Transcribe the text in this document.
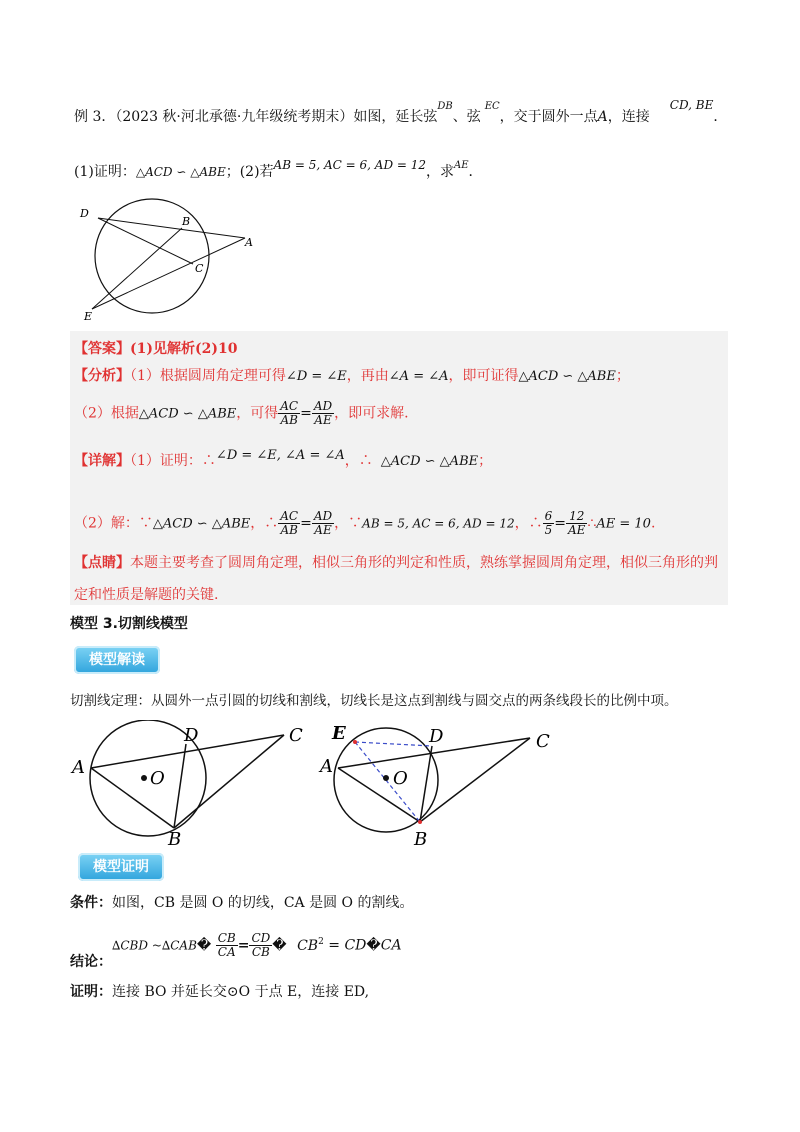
例 3．（2023 秋·河北承德·九年级统考期末）如图，延长弦$^{DB}$、弦$^{EC}$，交于圆外一点A，连接CD, BE．
(1)证明：△ACD ∽ △ABE；(2)若AB = 5, AC = 6, AD = 12，求$^{AE}$．
D
B
A
C
E
【答案】(1)见解析(2)10
【分析】（1）根据圆周角定理可得∠D = ∠E，再由∠A = ∠A，即可证得△ACD ∽ △ABE；
（2）根据△ACD ∽ △ABE，可得 $\frac{AC}{AB} = \frac{AD}{AE}$ ，即可求解.
【详解】（1）证明：∴∠D = ∠E, ∠A = ∠A，∴ △ACD ∽ △ABE；
（2）解：∵△ACD ∽ △ABE，∴ $\frac{AC}{AB} = \frac{AD}{AE}$ ，∵AB = 5, AC = 6, AD = 12，∴ $\frac{6}{5} = \frac{12}{AE}$ ∴AE = 10.
【点睛】本题主要考查了圆周角定理，相似三角形的判定和性质，熟练掌握圆周角定理，相似三角形的判
定和性质是解题的关键.
模型 3.切割线模型
模型解读
切割线定理：从圆外一点引圆的切线和割线，切线长是这点到割线与圆交点的两条线段长的比例中项。
A
D	C
O
B
E	D	C
A
O
B
模型证明
条件：如图，CB 是圆 O 的切线，CA 是圆 O 的割线。
结论：∆CBD ~∆CAB� $\frac{CB}{CA} = \frac{CD}{CB}$ � $CB^2$ = CD�CA
证明：连接 BO 并延长交⊙O 于点 E，连接 ED,
